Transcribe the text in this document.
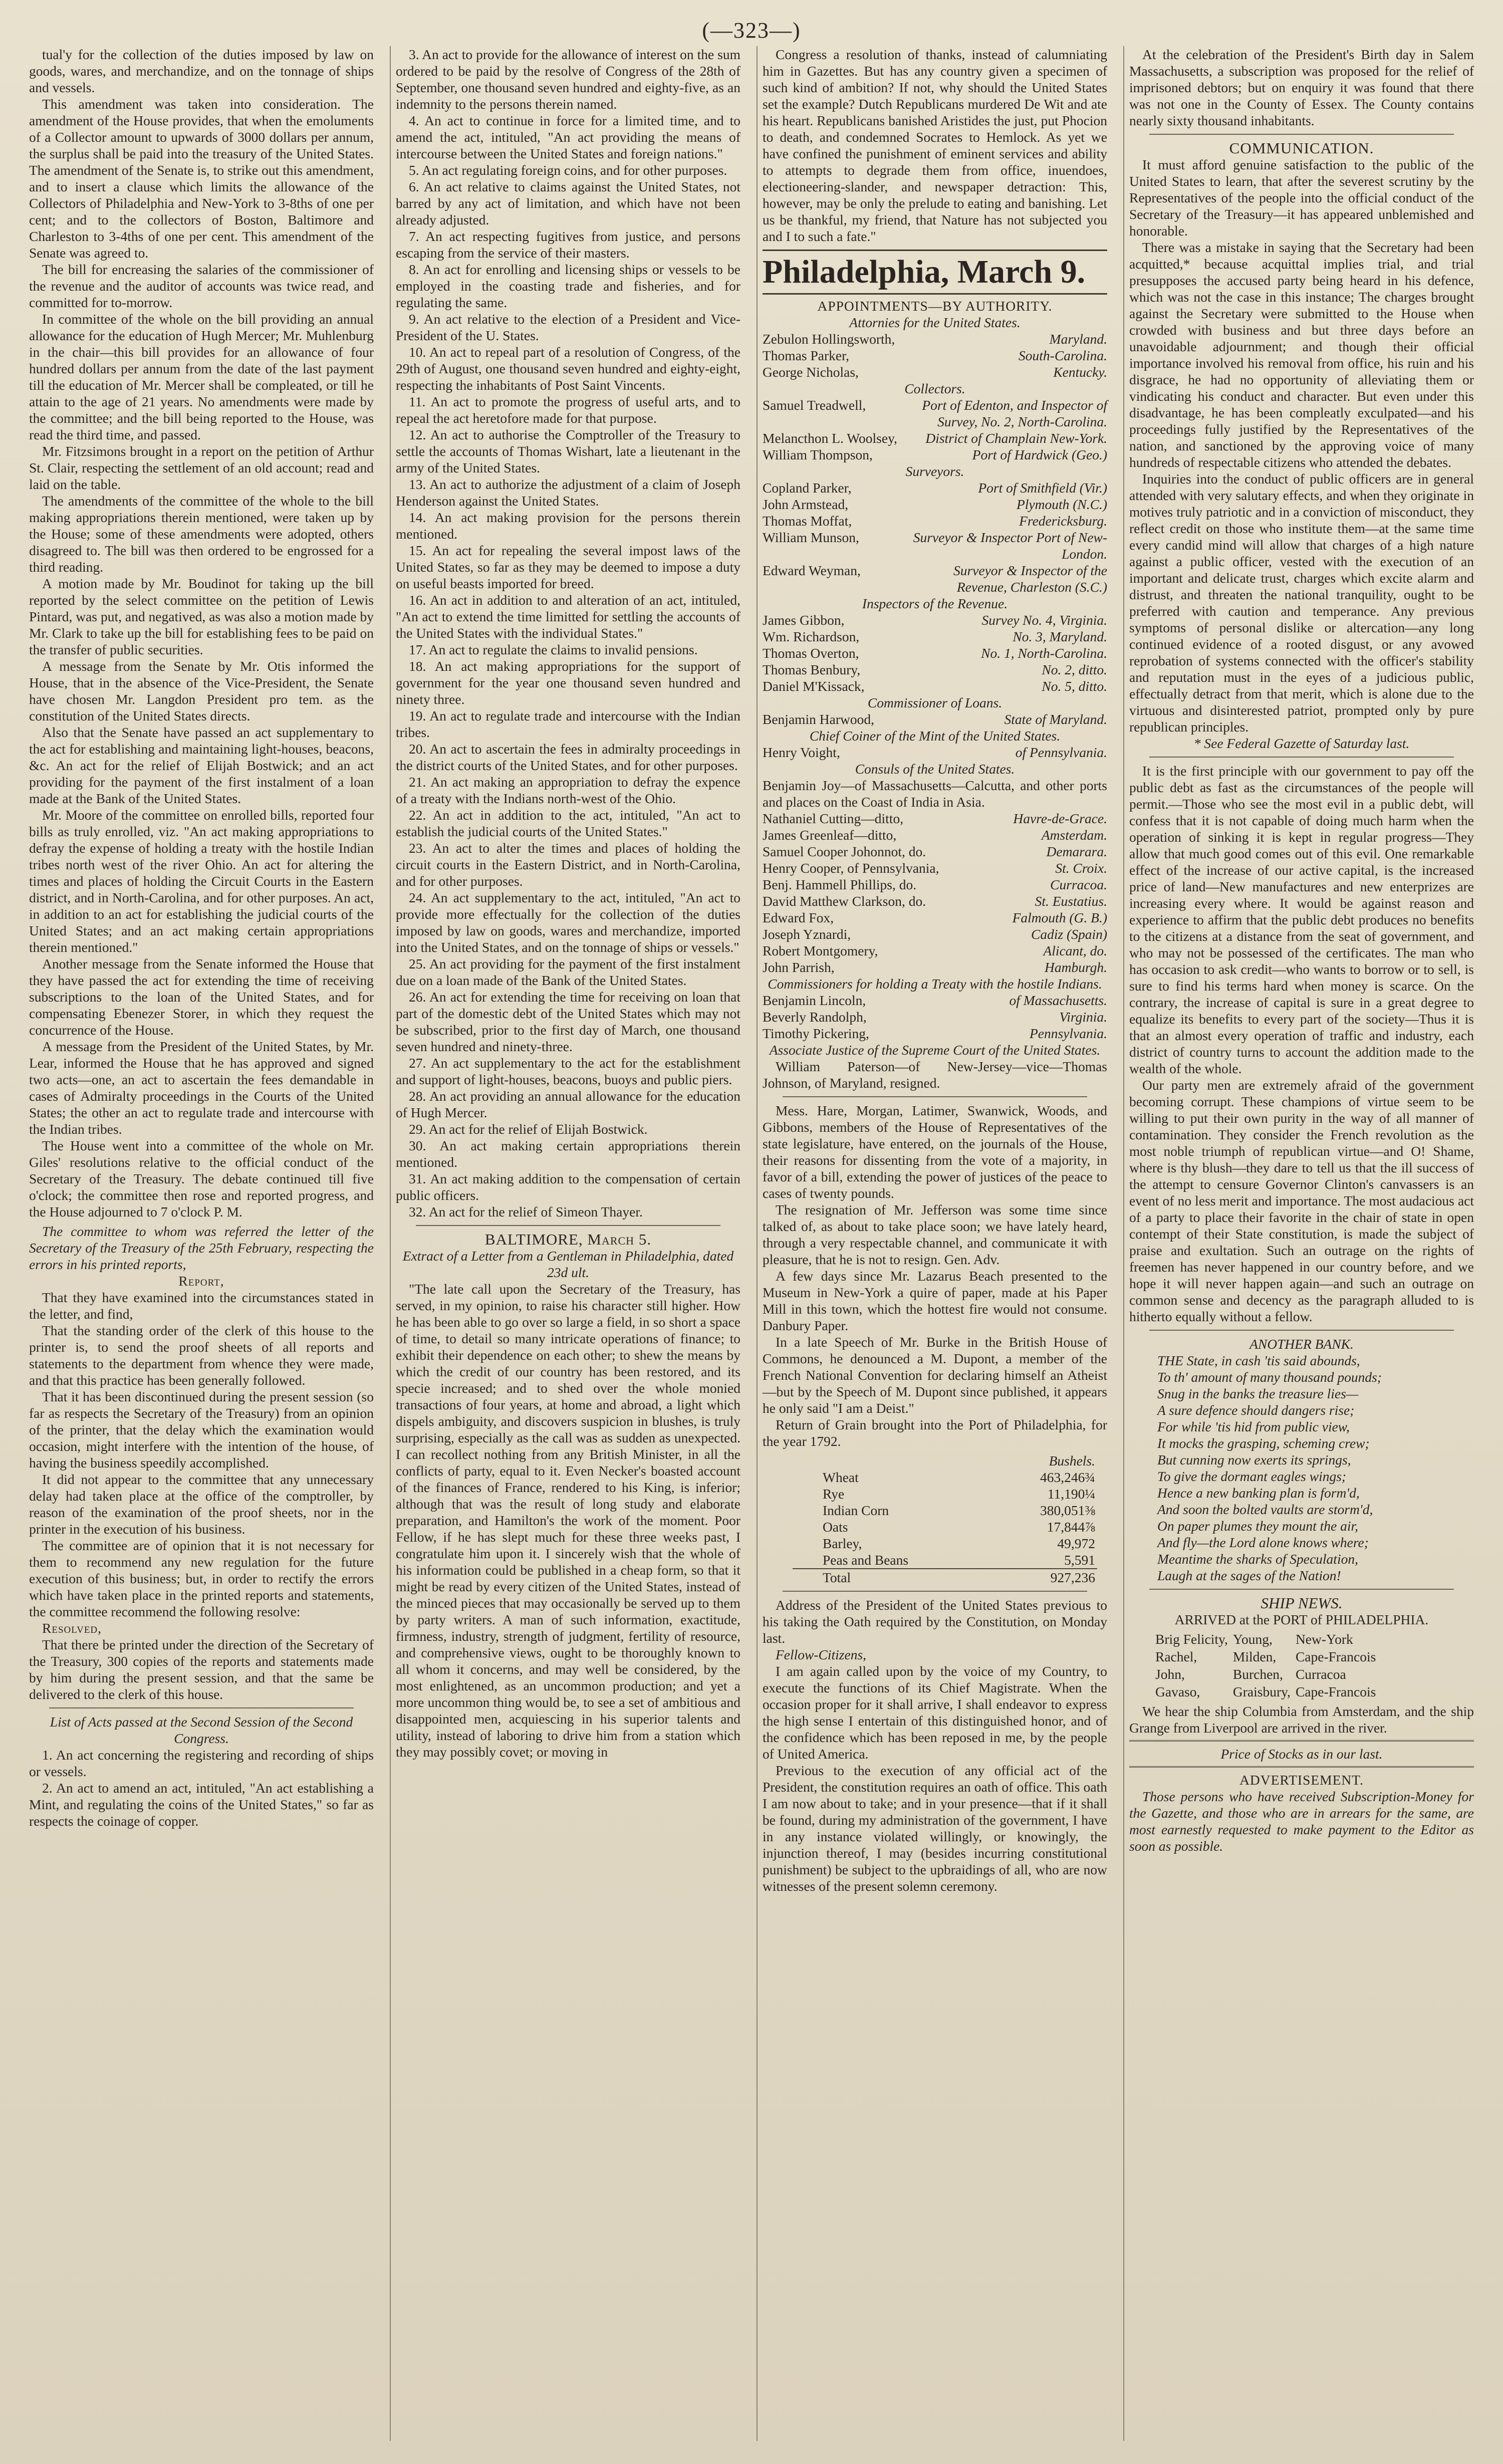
(—323—)

tual'y for the collection of the duties imposed by law on goods, wares, and merchandize, and on the tonnage of ships and vessels.

This amendment was taken into consideration. The amendment of the House provides, that when the emoluments of a Collector amount to upwards of 3000 dollars per annum, the surplus shall be paid into the treasury of the United States. The amendment of the Senate is, to strike out this amendment, and to insert a clause which limits the allowance of the Collectors of Philadelphia and New-York to 3-8ths of one per cent; and to the collectors of Boston, Baltimore and Charleston to 3-4ths of one per cent. This amendment of the Senate was agreed to.

The bill for encreasing the salaries of the commissioner of the revenue and the auditor of accounts was twice read, and committed for to-morrow.

In committee of the whole on the bill providing an annual allowance for the education of Hugh Mercer; Mr. Muhlenburg in the chair—this bill provides for an allowance of four hundred dollars per annum from the date of the last payment till the education of Mr. Mercer shall be compleated, or till he attain to the age of 21 years. No amendments were made by the committee; and the bill being reported to the House, was read the third time, and passed.

Mr. Fitzsimons brought in a report on the petition of Arthur St. Clair, respecting the settlement of an old account; read and laid on the table.

The amendments of the committee of the whole to the bill making appropriations therein mentioned, were taken up by the House; some of these amendments were adopted, others disagreed to. The bill was then ordered to be engrossed for a third reading.

A motion made by Mr. Boudinot for taking up the bill reported by the select committee on the petition of Lewis Pintard, was put, and negatived, as was also a motion made by Mr. Clark to take up the bill for establishing fees to be paid on the transfer of public securities.

A message from the Senate by Mr. Otis informed the House, that in the absence of the Vice-President, the Senate have chosen Mr. Langdon President pro tem. as the constitution of the United States directs.

Also that the Senate have passed an act supplementary to the act for establishing and maintaining light-houses, beacons, &c. An act for the relief of Elijah Bostwick; and an act providing for the payment of the first instalment of a loan made at the Bank of the United States.

Mr. Moore of the committee on enrolled bills, reported four bills as truly enrolled, viz. "An act making appropriations to defray the expense of holding a treaty with the hostile Indian tribes north west of the river Ohio. An act for altering the times and places of holding the Circuit Courts in the Eastern district, and in North-Carolina, and for other purposes. An act, in addition to an act for establishing the judicial courts of the United States; and an act making certain appropriations therein mentioned."

Another message from the Senate informed the House that they have passed the act for extending the time of receiving subscriptions to the loan of the United States, and for compensating Ebenezer Storer, in which they request the concurrence of the House.

A message from the President of the United States, by Mr. Lear, informed the House that he has approved and signed two acts—one, an act to ascertain the fees demandable in cases of Admiralty proceedings in the Courts of the United States; the other an act to regulate trade and intercourse with the Indian tribes.

The House went into a committee of the whole on Mr. Giles' resolutions relative to the official conduct of the Secretary of the Treasury. The debate continued till five o'clock; the committee then rose and reported progress, and the House adjourned to 7 o'clock P. M.

The committee to whom was referred the letter of the Secretary of the Treasury of the 25th February, respecting the errors in his printed reports,

Report,

That they have examined into the circumstances stated in the letter, and find,

That the standing order of the clerk of this house to the printer is, to send the proof sheets of all reports and statements to the department from whence they were made, and that this practice has been generally followed.

That it has been discontinued during the present session (so far as respects the Secretary of the Treasury) from an opinion of the printer, that the delay which the examination would occasion, might interfere with the intention of the house, of having the business speedily accomplished.

It did not appear to the committee that any unnecessary delay had taken place at the office of the comptroller, by reason of the examination of the proof sheets, nor in the printer in the execution of his business.

The committee are of opinion that it is not necessary for them to recommend any new regulation for the future execution of this business; but, in order to rectify the errors which have taken place in the printed reports and statements, the committee recommend the following resolve:

Resolved,

That there be printed under the direction of the Secretary of the Treasury, 300 copies of the reports and statements made by him during the present session, and that the same be delivered to the clerk of this house.

List of Acts passed at the Second Session of the Second Congress.

1. An act concerning the registering and recording of ships or vessels.

2. An act to amend an act, intituled, "An act establishing a Mint, and regulating the coins of the United States," so far as respects the coinage of copper.

3. An act to provide for the allowance of interest on the sum ordered to be paid by the resolve of Congress of the 28th of September, one thousand seven hundred and eighty-five, as an indemnity to the persons therein named.

4. An act to continue in force for a limited time, and to amend the act, intituled, "An act providing the means of intercourse between the United States and foreign nations."

5. An act regulating foreign coins, and for other purposes.

6. An act relative to claims against the United States, not barred by any act of limitation, and which have not been already adjusted.

7. An act respecting fugitives from justice, and persons escaping from the service of their masters.

8. An act for enrolling and licensing ships or vessels to be employed in the coasting trade and fisheries, and for regulating the same.

9. An act relative to the election of a President and Vice-President of the U. States.

10. An act to repeal part of a resolution of Congress, of the 29th of August, one thousand seven hundred and eighty-eight, respecting the inhabitants of Post Saint Vincents.

11. An act to promote the progress of useful arts, and to repeal the act heretofore made for that purpose.

12. An act to authorise the Comptroller of the Treasury to settle the accounts of Thomas Wishart, late a lieutenant in the army of the United States.

13. An act to authorize the adjustment of a claim of Joseph Henderson against the United States.

14. An act making provision for the persons therein mentioned.

15. An act for repealing the several impost laws of the United States, so far as they may be deemed to impose a duty on useful beasts imported for breed.

16. An act in addition to and alteration of an act, intituled, "An act to extend the time limitted for settling the accounts of the United States with the individual States."

17. An act to regulate the claims to invalid pensions.

18. An act making appropriations for the support of government for the year one thousand seven hundred and ninety three.

19. An act to regulate trade and intercourse with the Indian tribes.

20. An act to ascertain the fees in admiralty proceedings in the district courts of the United States, and for other purposes.

21. An act making an appropriation to defray the expence of a treaty with the Indians north-west of the Ohio.

22. An act in addition to the act, intituled, "An act to establish the judicial courts of the United States."

23. An act to alter the times and places of holding the circuit courts in the Eastern District, and in North-Carolina, and for other purposes.

24. An act supplementary to the act, intituled, "An act to provide more effectually for the collection of the duties imposed by law on goods, wares and merchandize, imported into the United States, and on the tonnage of ships or vessels."

25. An act providing for the payment of the first instalment due on a loan made of the Bank of the United States.

26. An act for extending the time for receiving on loan that part of the domestic debt of the United States which may not be subscribed, prior to the first day of March, one thousand seven hundred and ninety-three.

27. An act supplementary to the act for the establishment and support of light-houses, beacons, buoys and public piers.

28. An act providing an annual allowance for the education of Hugh Mercer.

29. An act for the relief of Elijah Bostwick.

30. An act making certain appropriations therein mentioned.

31. An act making addition to the compensation of certain public officers.

32. An act for the relief of Simeon Thayer.

BALTIMORE, March 5.

Extract of a Letter from a Gentleman in Philadelphia, dated 23d ult.

"The late call upon the Secretary of the Treasury, has served, in my opinion, to raise his character still higher. How he has been able to go over so large a field, in so short a space of time, to detail so many intricate operations of finance; to exhibit their dependence on each other; to shew the means by which the credit of our country has been restored, and its specie increased; and to shed over the whole monied transactions of four years, at home and abroad, a light which dispels ambiguity, and discovers suspicion in blushes, is truly surprising, especially as the call was as sudden as unexpected. I can recollect nothing from any British Minister, in all the conflicts of party, equal to it. Even Necker's boasted account of the finances of France, rendered to his King, is inferior; although that was the result of long study and elaborate preparation, and Hamilton's the work of the moment. Poor Fellow, if he has slept much for these three weeks past, I congratulate him upon it. I sincerely wish that the whole of his information could be published in a cheap form, so that it might be read by every citizen of the United States, instead of the minced pieces that may occasionally be served up to them by party writers. A man of such information, exactitude, firmness, industry, strength of judgment, fertility of resource, and comprehensive views, ought to be thoroughly known to all whom it concerns, and may well be considered, by the most enlightened, as an uncommon production; and yet a more uncommon thing would be, to see a set of ambitious and disappointed men, acquiescing in his superior talents and utility, instead of laboring to drive him from a station which they may possibly covet; or moving in

Congress a resolution of thanks, instead of calumniating him in Gazettes. But has any country given a specimen of such kind of ambition? If not, why should the United States set the example? Dutch Republicans murdered De Wit and ate his heart. Republicans banished Aristides the just, put Phocion to death, and condemned Socrates to Hemlock. As yet we have confined the punishment of eminent services and ability to attempts to degrade them from office, inuendoes, electioneering-slander, and newspaper detraction: This, however, may be only the prelude to eating and banishing. Let us be thankful, my friend, that Nature has not subjected you and I to such a fate."

Philadelphia, March 9.

APPOINTMENTS—BY AUTHORITY.

Attornies for the United States.

Zebulon Hollingsworth,	Maryland.
Thomas Parker,	South-Carolina.
George Nicholas,	Kentucky.

Collectors.

Samuel Treadwell,	Port of Edenton, and Inspector of Survey, No. 2, North-Carolina.
Melancthon L. Woolsey,	District of Champlain New-York.
William Thompson,	Port of Hardwick (Geo.)

Surveyors.

Copland Parker,	Port of Smithfield (Vir.)
John Armstead,	Plymouth (N.C.)
Thomas Moffat,	Fredericksburg.
William Munson,	Surveyor & Inspector Port of New-London.
Edward Weyman,	Surveyor & Inspector of the Revenue, Charleston (S.C.)

Inspectors of the Revenue.

James Gibbon,	Survey No. 4, Virginia.
Wm. Richardson,	No. 3, Maryland.
Thomas Overton,	No. 1, North-Carolina.
Thomas Benbury,	No. 2, ditto.
Daniel M'Kissack,	No. 5, ditto.

Commissioner of Loans.

Benjamin Harwood,	State of Maryland.

Chief Coiner of the Mint of the United States.

Henry Voight,	of Pennsylvania.

Consuls of the United States.

Benjamin Joy—of Massachusetts—Calcutta, and other ports and places on the Coast of India in Asia.

Nathaniel Cutting—ditto,	Havre-de-Grace.
James Greenleaf—ditto,	Amsterdam.
Samuel Cooper Johonnot, do.	Demarara.
Henry Cooper, of Pennsylvania,	St. Croix.
Benj. Hammell Phillips, do.	Curracoa.
David Matthew Clarkson, do.	St. Eustatius.
Edward Fox,	Falmouth (G. B.)
Joseph Yznardi,	Cadiz (Spain)
Robert Montgomery,	Alicant, do.
John Parrish,	Hamburgh.

Commissioners for holding a Treaty with the hostile Indians.

Benjamin Lincoln,	of Massachusetts.
Beverly Randolph,	Virginia.
Timothy Pickering,	Pennsylvania.

Associate Justice of the Supreme Court of the United States.

William Paterson—of New-Jersey—vice—Thomas Johnson, of Maryland, resigned.

Mess. Hare, Morgan, Latimer, Swanwick, Woods, and Gibbons, members of the House of Representatives of the state legislature, have entered, on the journals of the House, their reasons for dissenting from the vote of a majority, in favor of a bill, extending the power of justices of the peace to cases of twenty pounds.

The resignation of Mr. Jefferson was some time since talked of, as about to take place soon; we have lately heard, through a very respectable channel, and communicate it with pleasure, that he is not to resign. Gen. Adv.

A few days since Mr. Lazarus Beach presented to the Museum in New-York a quire of paper, made at his Paper Mill in this town, which the hottest fire would not consume. Danbury Paper.

In a late Speech of Mr. Burke in the British House of Commons, he denounced a M. Dupont, a member of the French National Convention for declaring himself an Atheist—but by the Speech of M. Dupont since published, it appears he only said "I am a Deist."

Return of Grain brought into the Port of Philadelphia, for the year 1792.

	Bushels.
Wheat	463,246¾
Rye	11,190¼
Indian Corn	380,051⅜
Oats	17,844⅞
Barley,	49,972
Peas and Beans	5,591
Total	927,236

Address of the President of the United States previous to his taking the Oath required by the Constitution, on Monday last.

Fellow-Citizens,

I am again called upon by the voice of my Country, to execute the functions of its Chief Magistrate. When the occasion proper for it shall arrive, I shall endeavor to express the high sense I entertain of this distinguished honor, and of the confidence which has been reposed in me, by the people of United America.

Previous to the execution of any official act of the President, the constitution requires an oath of office. This oath I am now about to take; and in your presence—that if it shall be found, during my administration of the government, I have in any instance violated willingly, or knowingly, the injunction thereof, I may (besides incurring constitutional punishment) be subject to the upbraidings of all, who are now witnesses of the present solemn ceremony.

At the celebration of the President's Birth day in Salem Massachusetts, a subscription was proposed for the relief of imprisoned debtors; but on enquiry it was found that there was not one in the County of Essex. The County contains nearly sixty thousand inhabitants.

COMMUNICATION.

It must afford genuine satisfaction to the public of the United States to learn, that after the severest scrutiny by the Representatives of the people into the official conduct of the Secretary of the Treasury—it has appeared unblemished and honorable.

There was a mistake in saying that the Secretary had been acquitted,* because acquittal implies trial, and trial presupposes the accused party being heard in his defence, which was not the case in this instance; The charges brought against the Secretary were submitted to the House when crowded with business and but three days before an unavoidable adjournment; and though their official importance involved his removal from office, his ruin and his disgrace, he had no opportunity of alleviating them or vindicating his conduct and character. But even under this disadvantage, he has been compleatly exculpated—and his proceedings fully justified by the Representatives of the nation, and sanctioned by the approving voice of many hundreds of respectable citizens who attended the debates.

Inquiries into the conduct of public officers are in general attended with very salutary effects, and when they originate in motives truly patriotic and in a conviction of misconduct, they reflect credit on those who institute them—at the same time every candid mind will allow that charges of a high nature against a public officer, vested with the execution of an important and delicate trust, charges which excite alarm and distrust, and threaten the national tranquility, ought to be preferred with caution and temperance. Any previous symptoms of personal dislike or altercation—any long continued evidence of a rooted disgust, or any avowed reprobation of systems connected with the officer's stability and reputation must in the eyes of a judicious public, effectually detract from that merit, which is alone due to the virtuous and disinterested patriot, prompted only by pure republican principles.

* See Federal Gazette of Saturday last.

It is the first principle with our government to pay off the public debt as fast as the circumstances of the people will permit.—Those who see the most evil in a public debt, will confess that it is not capable of doing much harm when the operation of sinking it is kept in regular progress—They allow that much good comes out of this evil. One remarkable effect of the increase of our active capital, is the increased price of land—New manufactures and new enterprizes are increasing every where. It would be against reason and experience to affirm that the public debt produces no benefits to the citizens at a distance from the seat of government, and who may not be possessed of the certificates. The man who has occasion to ask credit—who wants to borrow or to sell, is sure to find his terms hard when money is scarce. On the contrary, the increase of capital is sure in a great degree to equalize its benefits to every part of the society—Thus it is that an almost every operation of traffic and industry, each district of country turns to account the addition made to the wealth of the whole.

Our party men are extremely afraid of the government becoming corrupt. These champions of virtue seem to be willing to put their own purity in the way of all manner of contamination. They consider the French revolution as the most noble triumph of republican virtue—and O! Shame, where is thy blush—they dare to tell us that the ill success of the attempt to censure Governor Clinton's canvassers is an event of no less merit and importance. The most audacious act of a party to place their favorite in the chair of state in open contempt of their State constitution, is made the subject of praise and exultation. Such an outrage on the rights of freemen has never happened in our country before, and we hope it will never happen again—and such an outrage on common sense and decency as the paragraph alluded to is hitherto equally without a fellow.

ANOTHER BANK.

THE State, in cash 'tis said abounds,

To th' amount of many thousand pounds;

Snug in the banks the treasure lies—

A sure defence should dangers rise;

For while 'tis hid from public view,

It mocks the grasping, scheming crew;

But cunning now exerts its springs,

To give the dormant eagles wings;

Hence a new banking plan is form'd,

And soon the bolted vaults are storm'd,

On paper plumes they mount the air,

And fly—the Lord alone knows where;

Meantime the sharks of Speculation,

Laugh at the sages of the Nation!

SHIP NEWS.

ARRIVED at the PORT of PHILADELPHIA.

Brig Felicity,	Young,	New-York
Rachel,	Milden,	Cape-Francois
John,	Burchen,	Curracoa
Gavaso,	Graisbury,	Cape-Francois

We hear the ship Columbia from Amsterdam, and the ship Grange from Liverpool are arrived in the river.

Price of Stocks as in our last.

ADVERTISEMENT.

Those persons who have received Subscription-Money for the Gazette, and those who are in arrears for the same, are most earnestly requested to make payment to the Editor as soon as possible.
